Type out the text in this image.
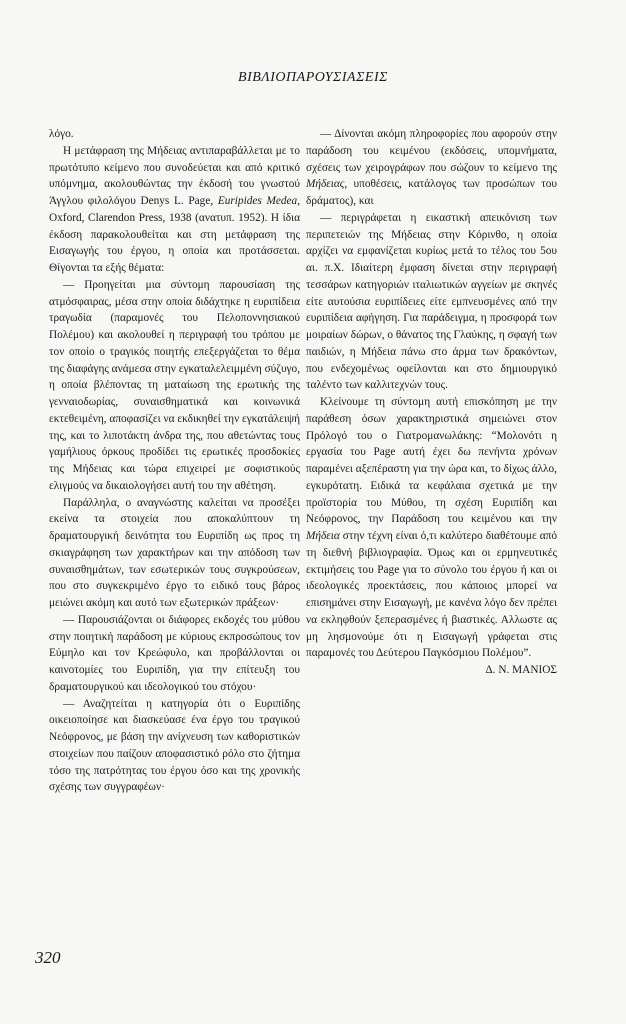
ΒΙΒΛΙΟΠΑΡΟΥΣΙΑΣΕΙΣ

λόγο.

Η μετάφραση της Μήδειας αντιπαραβάλλεται με το πρωτότυπο κείμενο που συνοδεύεται και από κριτικό υπόμνημα, ακολουθώντας την έκδοσή του γνωστού Άγγλου φιλολόγου Denys L. Page, Euripides Medea, Oxford, Clarendon Press, 1938 (ανατυπ. 1952). Η ίδια έκδοση παρακολουθείται και στη μετάφραση της Εισαγωγής του έργου, η οποία και προτάσσεται. Θίγονται τα εξής θέματα:

— Προηγείται μια σύντομη παρουσίαση της ατμόσφαιρας, μέσα στην οποία διδάχτηκε η ευριπίδεια τραγωδία (παραμονές του Πελοποννησιακού Πολέμου) και ακολουθεί η περιγραφή του τρόπου με τον οποίο ο τραγικός ποιητής επεξεργάζεται το θέμα της διαφάγης ανάμεσα στην εγκαταλελειμμένη σύζυγο, η οποία βλέποντας τη ματαίωση της ερωτικής της γενναιοδωρίας, συναισθηματικά και κοινωνικά εκτεθειμένη, αποφασίζει να εκδικηθεί την εγκατάλειψή της, και το λιποτάκτη άνδρα της, που αθετώντας τους γαμήλιους όρκους προδίδει τις ερωτικές προσδοκίες της Μήδειας και τώρα επιχειρεί με σοφιστικούς ελιγμούς να δικαιολογήσει αυτή του την αθέτηση.

Παράλληλα, ο αναγνώστης καλείται να προσέξει εκείνα τα στοιχεία που αποκαλύπτουν τη δραματουργική δεινότητα του Ευριπίδη ως προς τη σκιαγράφηση των χαρακτήρων και την απόδοση των συναισθημάτων, των εσωτερικών τους συγκρούσεων, που στο συγκεκριμένο έργο το ειδικό τους βάρος μειώνει ακόμη και αυτό των εξωτερικών πράξεων·

— Παρουσιάζονται οι διάφορες εκδοχές του μύθου στην ποιητική παράδοση με κύριους εκπροσώπους τον Εύμηλο και τον Κρεώφυλο, και προβάλλονται οι καινοτομίες του Ευριπίδη, για την επίτευξη του δραματουργικού και ιδεολογικού του στόχου·

— Αναζητείται η κατηγορία ότι ο Ευριπίδης οικειοποίησε και διασκεύασε ένα έργο του τραγικού Νεόφρονος, με βάση την ανίχνευση των καθοριστικών στοιχείων που παίζουν αποφασιστικό ρόλο στο ζήτημα τόσο της πατρότητας του έργου όσο και της χρονικής σχέσης των συγγραφέων·

— Δίνονται ακόμη πληροφορίες που αφορούν στην παράδοση του κειμένου (εκδόσεις, υπομνήματα, σχέσεις των χειρογράφων που σώζουν το κείμενο της Μήδειας, υποθέσεις, κατάλογος των προσώπων του δράματος), και

— περιγράφεται η εικαστική απεικόνιση των περιπετειών της Μήδειας στην Κόρινθο, η οποία αρχίζει να εμφανίζεται κυρίως μετά το τέλος του 5ου αι. π.Χ. Ιδιαίτερη έμφαση δίνεται στην περιγραφή τεσσάρων κατηγοριών ιταλιωτικών αγγείων με σκηνές είτε αυτούσια ευριπίδειες είτε εμπνευσμένες από την ευριπίδεια αφήγηση. Για παράδειγμα, η προσφορά των μοιραίων δώρων, ο θάνατος της Γλαύκης, η σφαγή των παιδιών, η Μήδεια πάνω στο άρμα των δρακόντων, που ενδεχομένως οφείλονται και στο δημιουργικό ταλέντο των καλλιτεχνών τους.

Κλείνουμε τη σύντομη αυτή επισκόπηση με την παράθεση όσων χαρακτηριστικά σημειώνει στον Πρόλογό του ο Γιατρομανωλάκης: “Μολονότι η εργασία του Page αυτή έχει δω πενήντα χρόνων παραμένει αξεπέραστη για την ώρα και, το δίχως άλλο, εγκυρότατη. Ειδικά τα κεφάλαια σχετικά με την προϊστορία του Μύθου, τη σχέση Ευριπίδη και Νεόφρονος, την Παράδοση του κειμένου και την Μήδεια στην τέχνη είναι ό,τι καλύτερο διαθέτουμε από τη διεθνή βιβλιογραφία. Όμως και οι ερμηνευτικές εκτιμήσεις του Page για το σύνολο του έργου ή και οι ιδεολογικές προεκτάσεις, που κάποιος μπορεί να επισημάνει στην Εισαγωγή, με κανένα λόγο δεν πρέπει να εκληφθούν ξεπερασμένες ή βιαστικές. Αλλωστε ας μη λησμονούμε ότι η Εισαγωγή γράφεται στις παραμονές του Δεύτερου Παγκόσμιου Πολέμου”.

Δ. Ν. ΜΑΝΙΟΣ

320
